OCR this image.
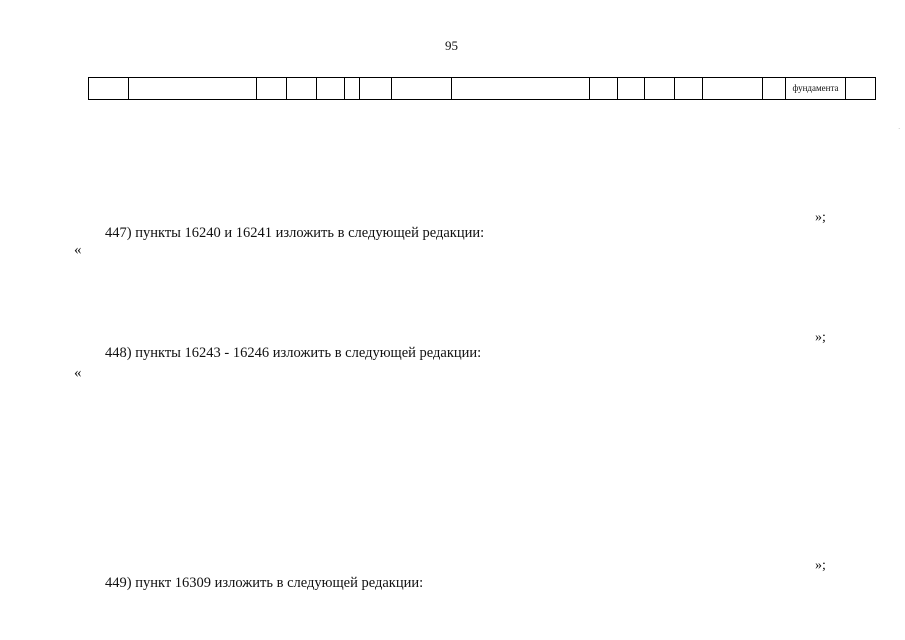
95
															фундамента	
»;
447) пункты 16240 и 16241 изложить в следующей редакции:
«
»;
448) пункты 16243 - 16246 изложить в следующей редакции:
«
»;
449) пункт 16309 изложить в следующей редакции:
·
